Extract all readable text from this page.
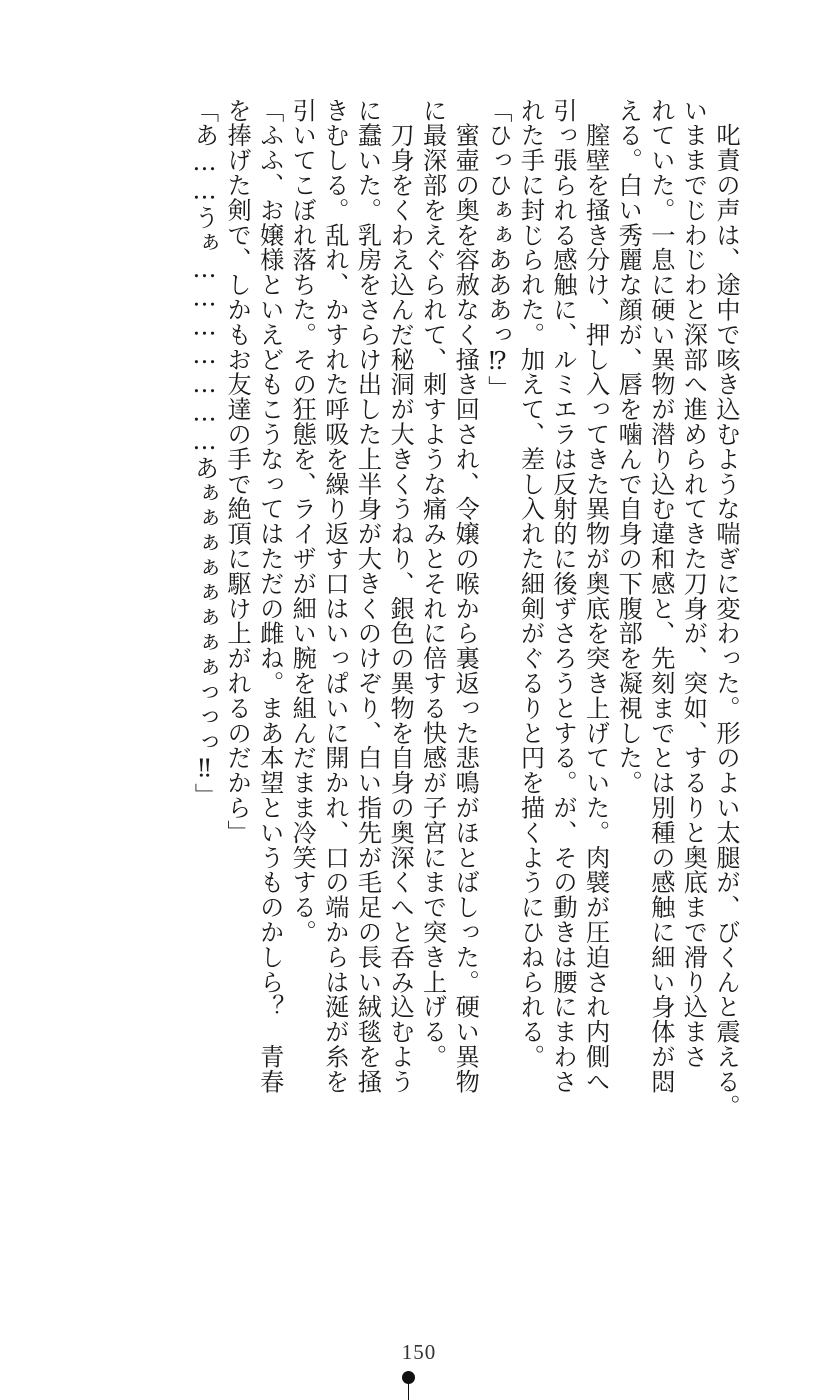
　叱責の声は、途中で咳き込むような喘ぎに変わった。形のよい太腿が、びくんと震える。
いままでじわじわと深部へ進められてきた刀身が、突如、するりと奥底まで滑り込まさ
れていた。一息に硬い異物が潜り込む違和感と、先刻までとは別種の感触に細い身体が悶
える。白い秀麗な顔が、唇を噛んで自身の下腹部を凝視した。
　膣壁を掻き分け、押し入ってきた異物が奥底を突き上げていた。肉襞が圧迫され内側へ
引っ張られる感触に、ルミエラは反射的に後ずさろうとする。が、その動きは腰にまわさ
れた手に封じられた。加えて、差し入れた細剣がぐるりと円を描くようにひねられる。
「ひっひぁぁあああっ⁉」
　蜜壷の奥を容赦なく掻き回され、令嬢の喉から裏返った悲鳴がほとばしった。硬い異物
に最深部をえぐられて、刺すような痛みとそれに倍する快感が子宮にまで突き上げる。
　刀身をくわえ込んだ秘洞が大きくうねり、銀色の異物を自身の奥深くへと呑み込むよう
に蠢いた。乳房をさらけ出した上半身が大きくのけぞり、白い指先が毛足の長い絨毯を掻
きむしる。乱れ、かすれた呼吸を繰り返す口はいっぱいに開かれ、口の端からは涎が糸を
引いてこぼれ落ちた。その狂態を、ライザが細い腕を組んだまま冷笑する。
「ふふ、お嬢様といえどもこうなってはただの雌ね。まあ本望というものかしら？　青春
を捧げた剣で、しかもお友達の手で絶頂に駆け上がれるのだから」
「あ……うぁ…………………あぁぁぁぁぁぁぁぁっっっ‼」
150
